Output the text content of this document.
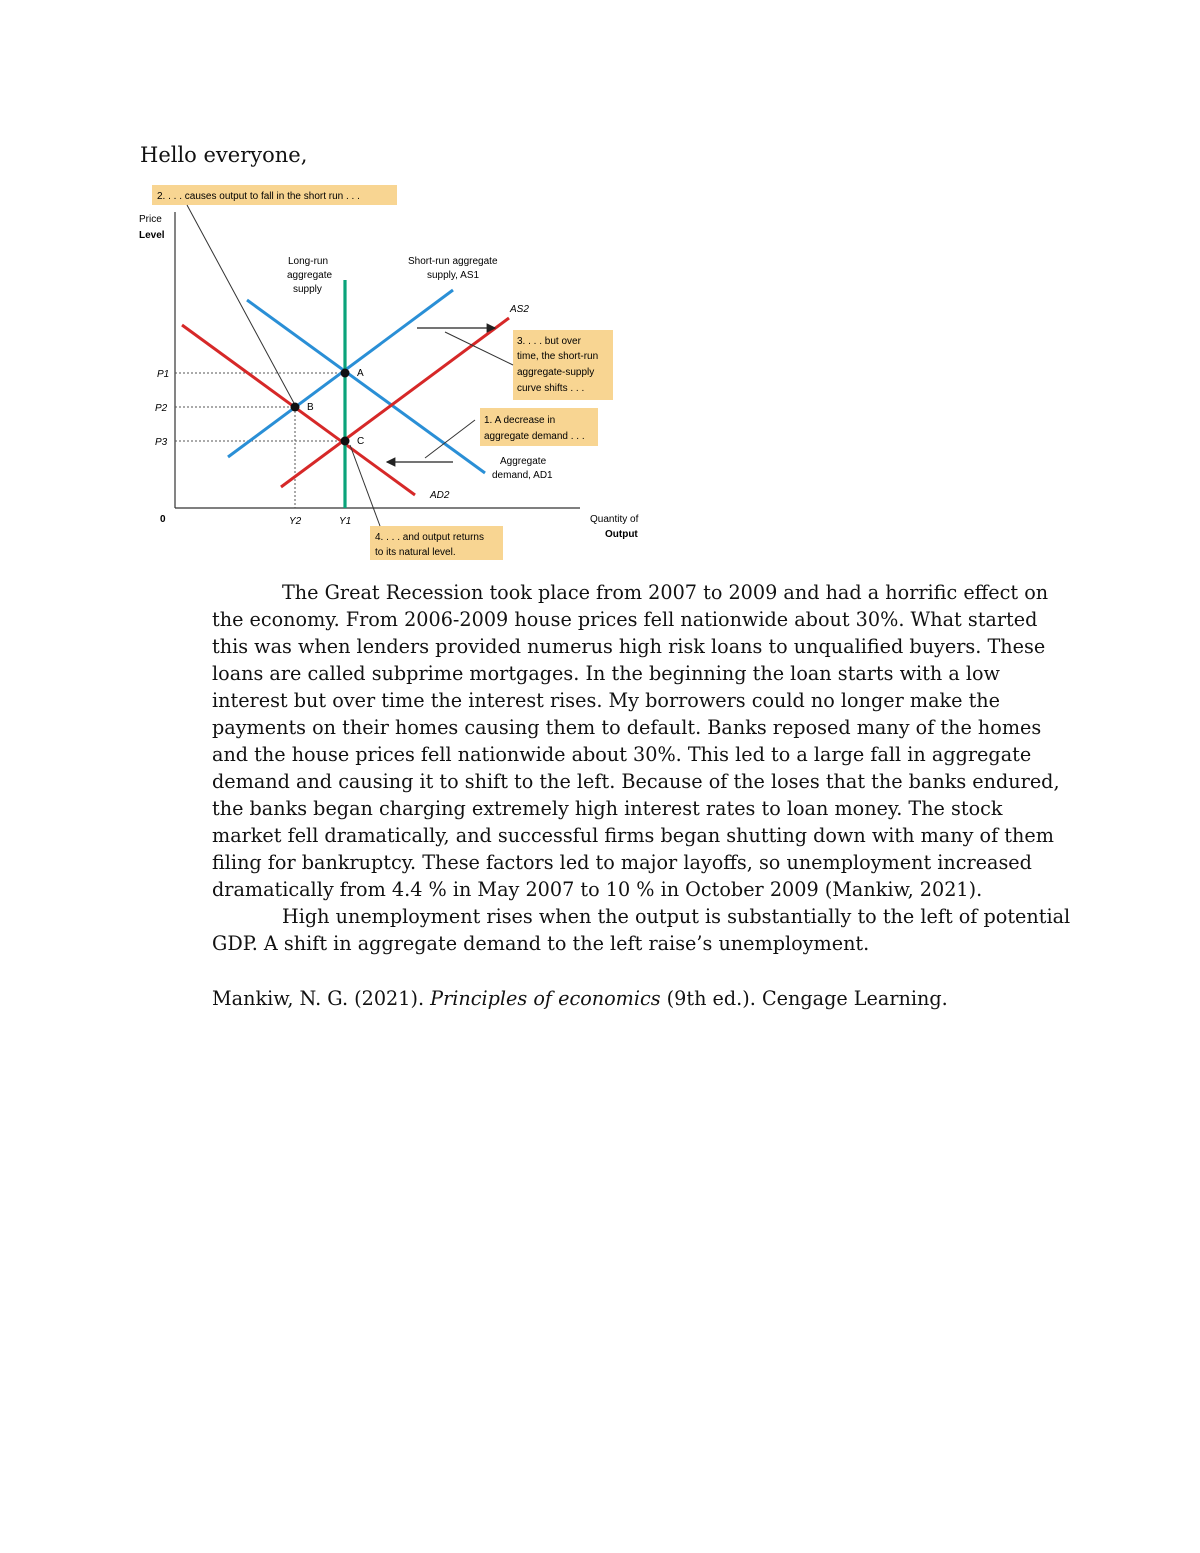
Hello everyone,
A
B
C
Price
Level
Quantity of
Output
0
P1
P2
P3
Y2	Y1
Long-run
aggregate
supply
Short-run aggregate
supply, AS1
AS2
Aggregate
demand, AD1
AD2
2. . . . causes output to fall in the short run . . .
3. . . . but over
time, the short-run
aggregate-supply
curve shifts . . .
1. A decrease in
aggregate demand . . .
4. . . . and output returns
to its natural level.

The Great Recession took place from 2007 to 2009 and had a horrific effect on the economy. From 2006-2009 house prices fell nationwide about 30%. What started this was when lenders provided numerus high risk loans to unqualified buyers. These loans are called subprime mortgages. In the beginning the loan starts with a low interest but over time the interest rises. My borrowers could no longer make the payments on their homes causing them to default. Banks reposed many of the homes and the house prices fell nationwide about 30%. This led to a large fall in aggregate demand and causing it to shift to the left. Because of the loses that the banks endured, the banks began charging extremely high interest rates to loan money. The stock market fell dramatically, and successful firms began shutting down with many of them filing for bankruptcy. These factors led to major layoffs, so unemployment increased dramatically from 4.4 % in May 2007 to 10 % in October 2009 (Mankiw, 2021).

High unemployment rises when the output is substantially to the left of potential GDP. A shift in aggregate demand to the left raise’s unemployment.

Mankiw, N. G. (2021). Principles of economics (9th ed.). Cengage Learning.
